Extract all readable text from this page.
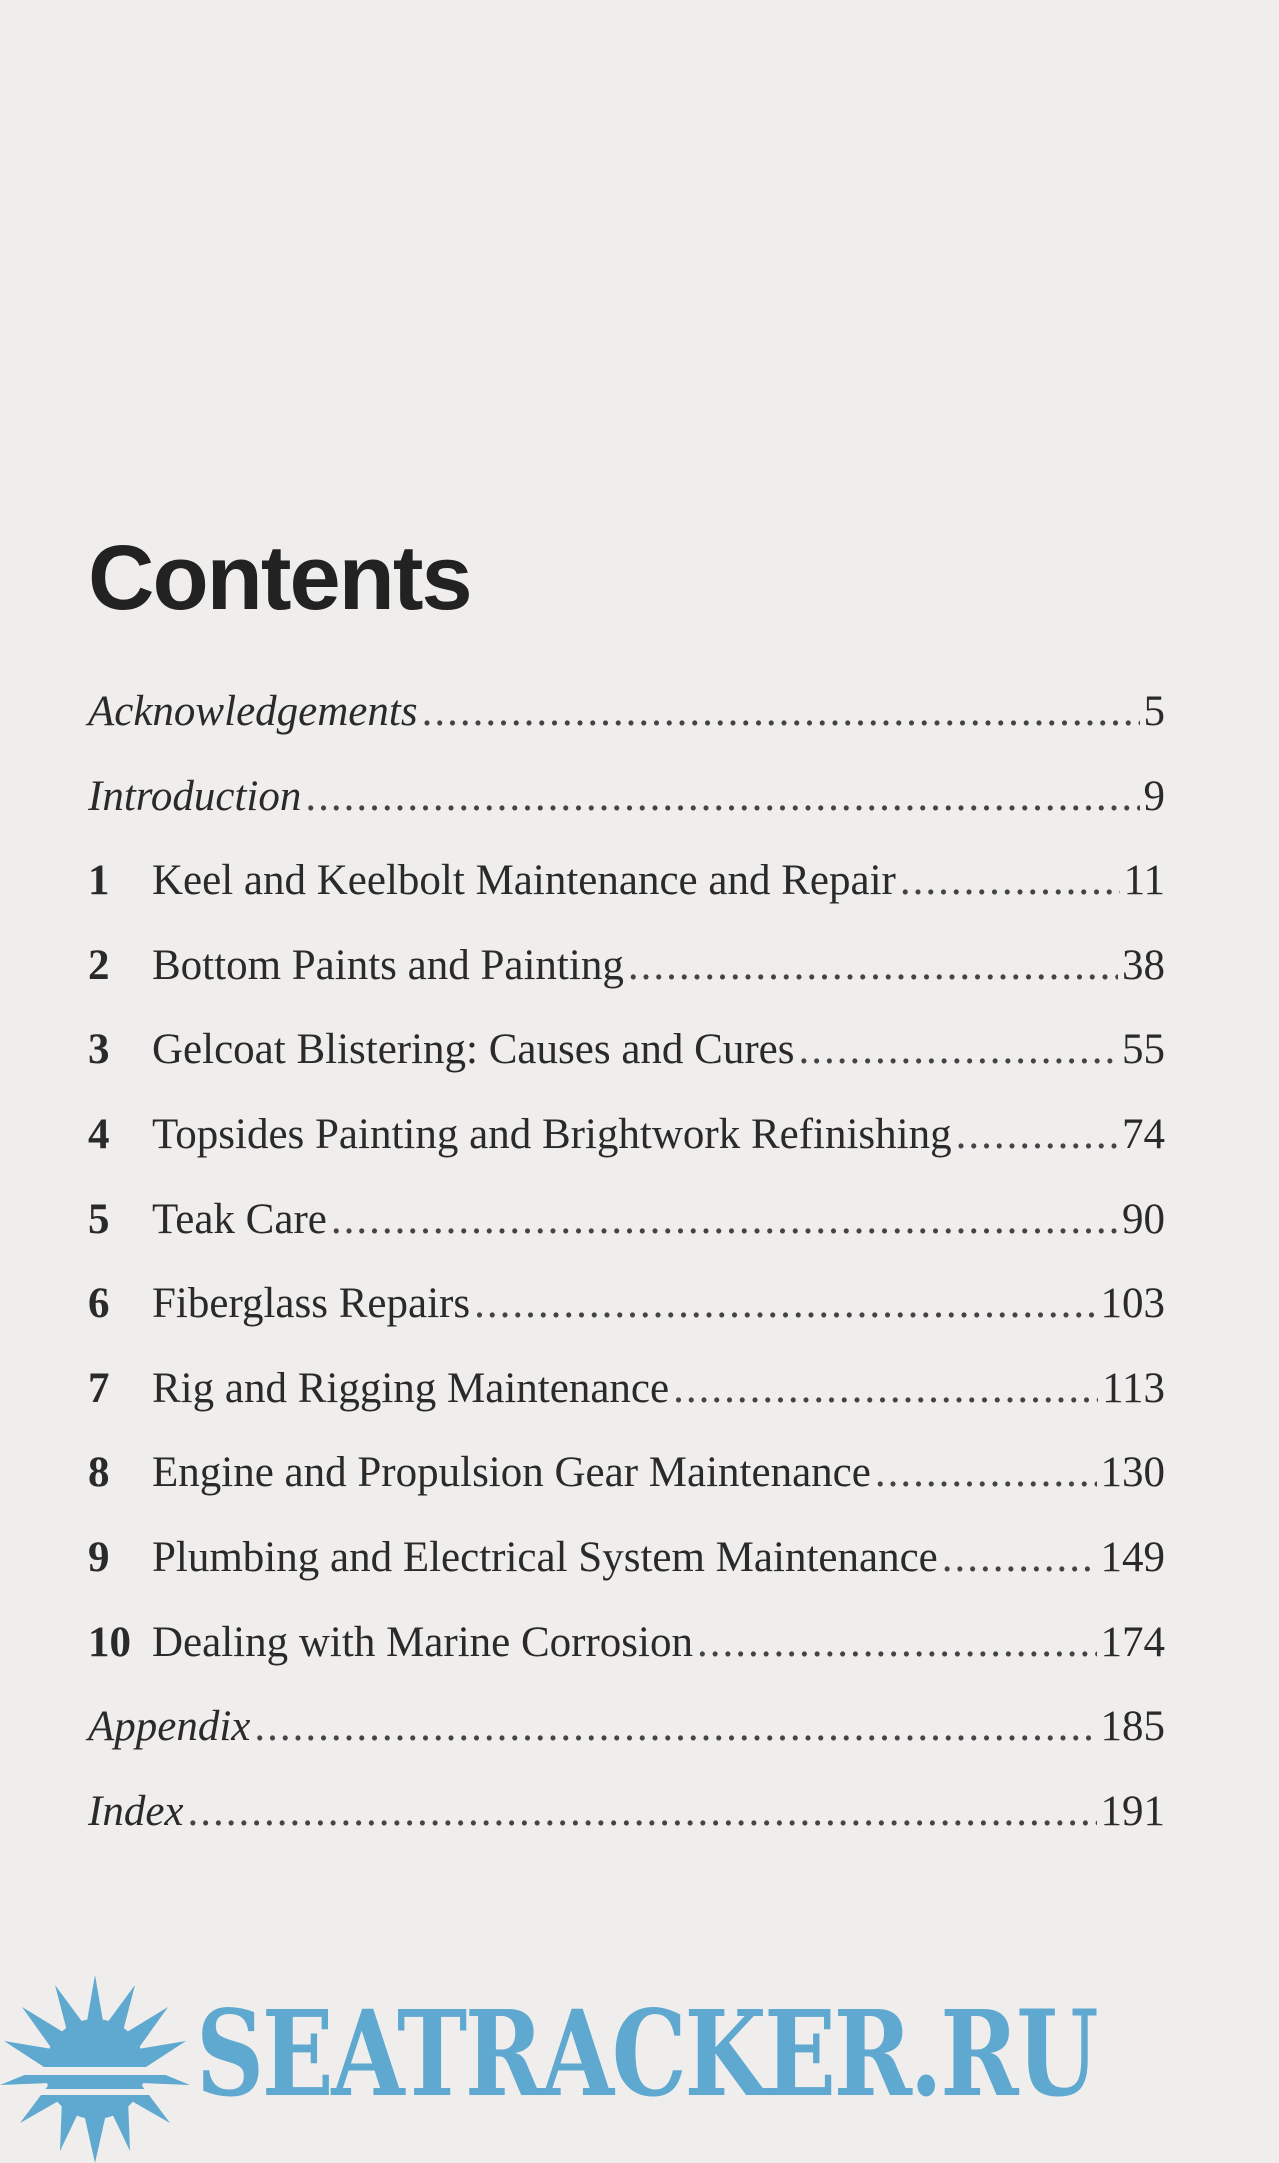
Contents
Acknowledgements .....	5
Introduction .....	9
1 Keel and Keelbolt Maintenance and Repair .....	11
2 Bottom Paints and Painting .....	38
3 Gelcoat Blistering: Causes and Cures .....	55
4 Topsides Painting and Brightwork Refinishing .....	74
5 Teak Care .....	90
6 Fiberglass Repairs .....	103
7 Rig and Rigging Maintenance .....	113
8 Engine and Propulsion Gear Maintenance .....	130
9 Plumbing and Electrical System Maintenance .....	149
10 Dealing with Marine Corrosion .....	174
Appendix .....	185
Index .....	191
SEATRACKER.RU
